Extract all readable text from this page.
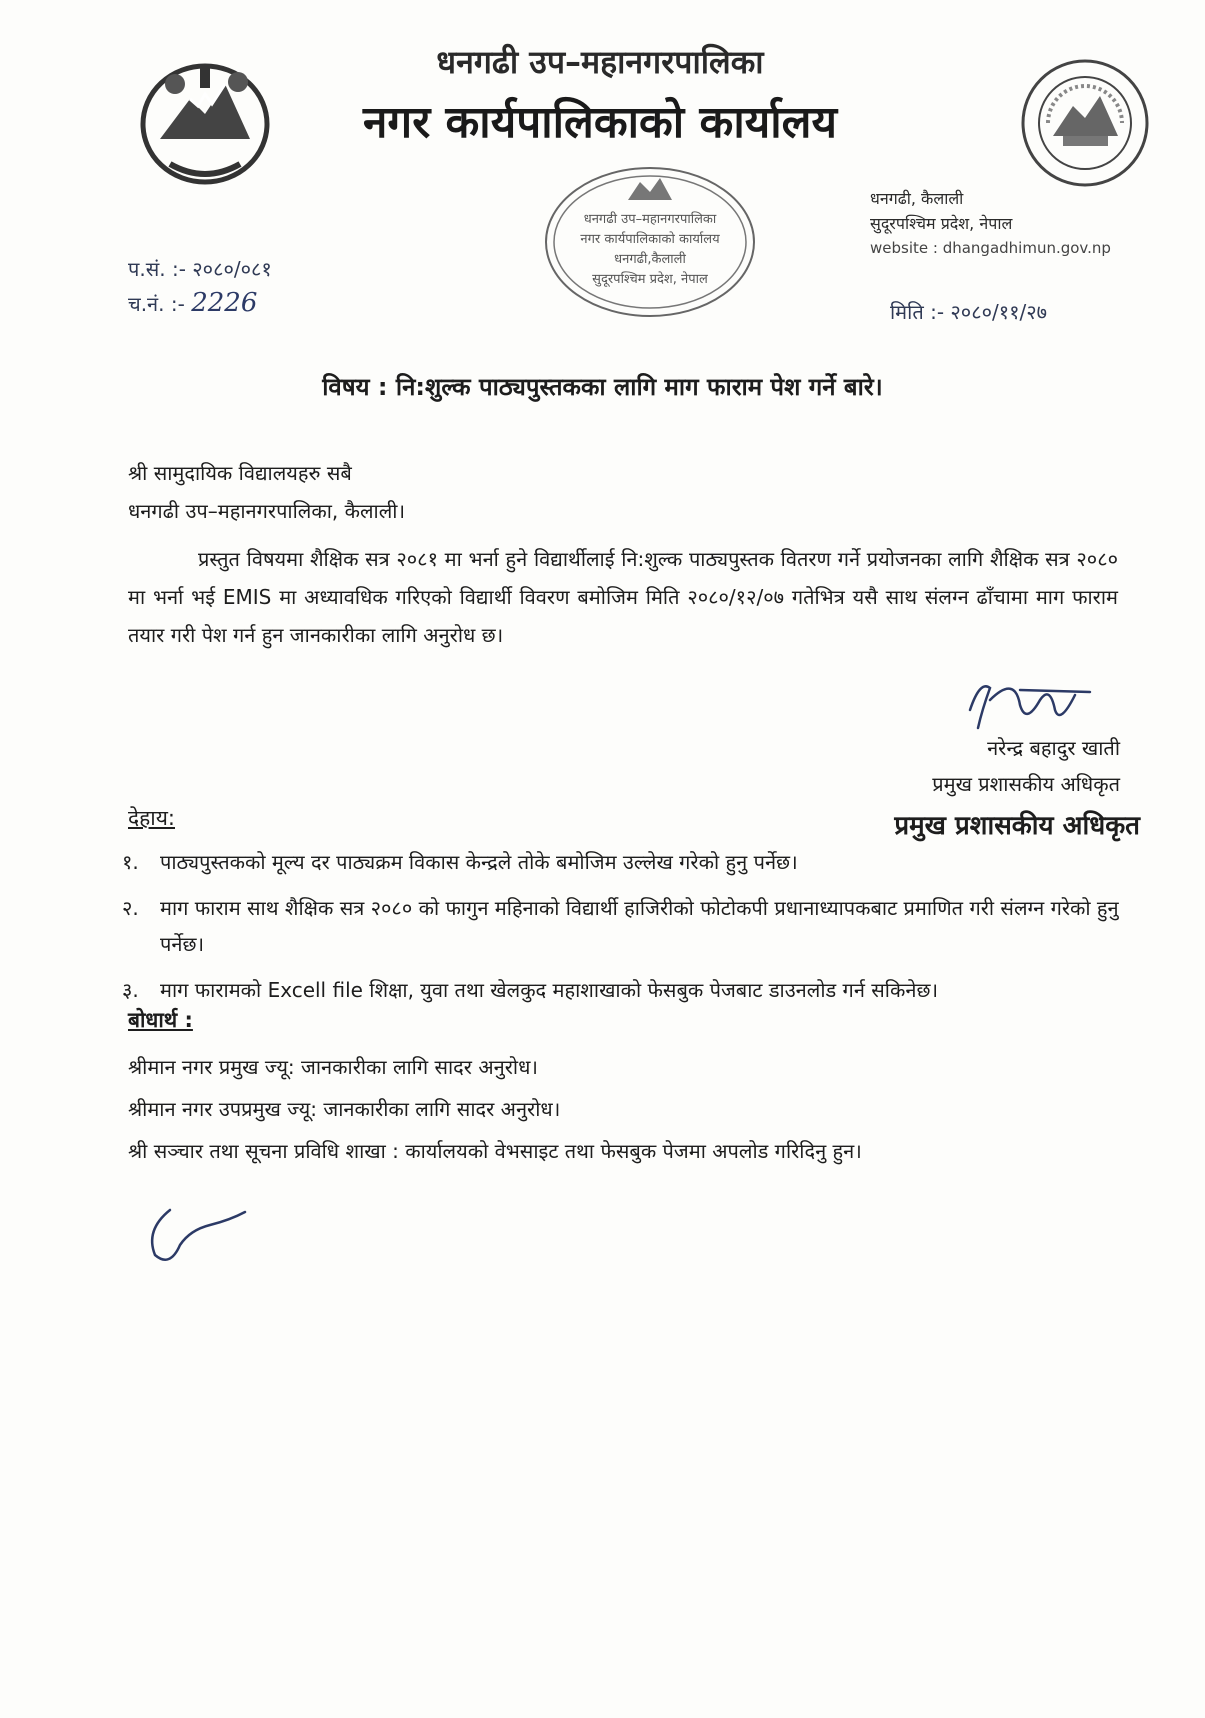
धनगढी उप–महानगरपालिका
नगर कार्यपालिकाको कार्यालय
धनगढी उप–महानगरपालिका
नगर कार्यपालिकाको कार्यालय
धनगढी,कैलाली
सुदूरपश्चिम प्रदेश, नेपाल
धनगढी, कैलाली
सुदूरपश्चिम प्रदेश, नेपाल
website : dhangadhimun.gov.np
प.सं. :- २०८०/०८१
च.नं. :- 2226	मिति :- २०८०/११/२७
विषय : नि:शुल्क पाठ्यपुस्तकका लागि माग फाराम पेश गर्ने बारे।
श्री सामुदायिक विद्यालयहरु सबै
धनगढी उप–महानगरपालिका, कैलाली।
प्रस्तुत विषयमा शैक्षिक सत्र २०८१ मा भर्ना हुने विद्यार्थीलाई नि:शुल्क पाठ्यपुस्तक वितरण गर्ने प्रयोजनका लागि शैक्षिक सत्र २०८० मा भर्ना भई EMIS मा अध्यावधिक गरिएको विद्यार्थी विवरण बमोजिम मिति २०८०/१२/०७ गतेभित्र यसै साथ संलग्न ढाँचामा माग फाराम तयार गरी पेश गर्न हुन जानकारीका लागि अनुरोध छ।
नरेन्द्र बहादुर खाती
प्रमुख प्रशासकीय अधिकृत
प्रमुख प्रशासकीय अधिकृत
देहाय:
१.	पाठ्यपुस्तकको मूल्य दर पाठ्यक्रम विकास केन्द्रले तोके बमोजिम उल्लेख गरेको हुनु पर्नेछ।
२.	माग फाराम साथ शैक्षिक सत्र २०८० को फागुन महिनाको विद्यार्थी हाजिरीको फोटोकपी प्रधानाध्यापकबाट प्रमाणित गरी संलग्न गरेको हुनु पर्नेछ।
३.	माग फारामको Excell file शिक्षा, युवा तथा खेलकुद महाशाखाको फेसबुक पेजबाट डाउनलोड गर्न सकिनेछ।
बोधार्थ :
श्रीमान नगर प्रमुख ज्यू: जानकारीका लागि सादर अनुरोध।
श्रीमान नगर उपप्रमुख ज्यू: जानकारीका लागि सादर अनुरोध।
श्री सञ्चार तथा सूचना प्रविधि शाखा : कार्यालयको वेभसाइट तथा फेसबुक पेजमा अपलोड गरिदिनु हुन।
